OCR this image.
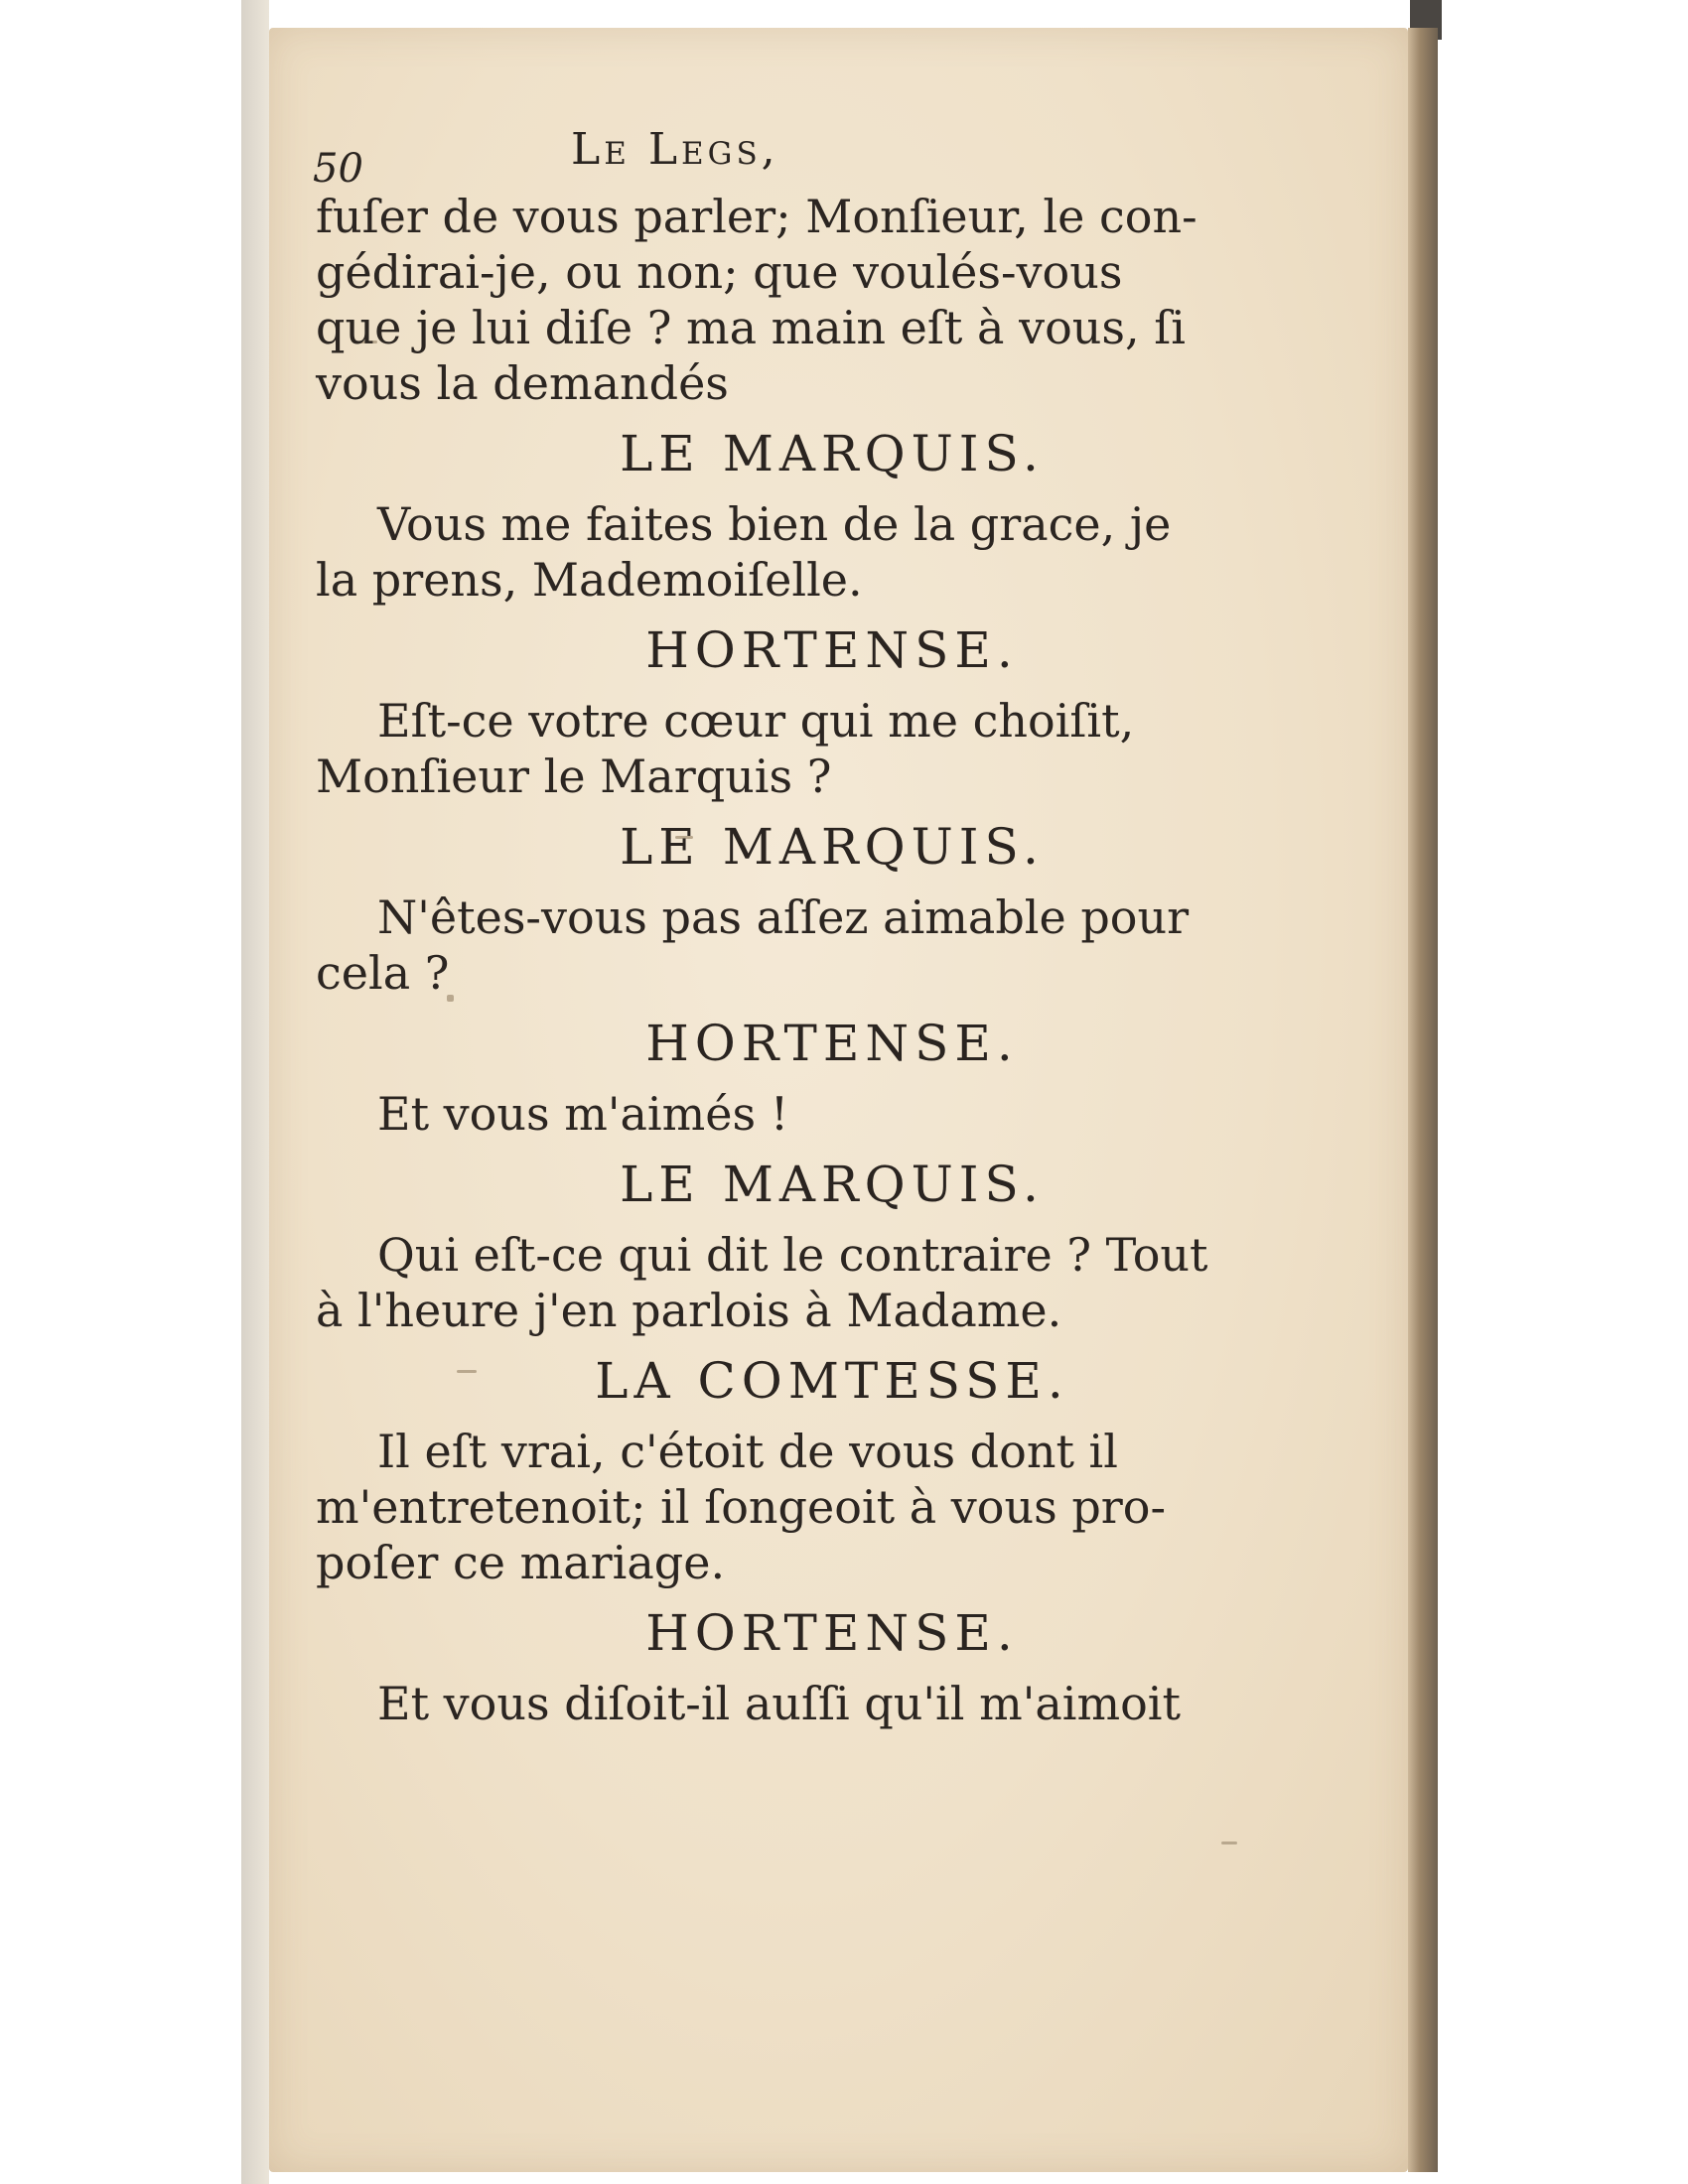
50	Le Legs,

fuſer de vous parler; Monſieur, le con-

gédirai-je, ou non; que voulés-vous

que je lui diſe ? ma main eſt à vous, ſi

vous la demandés

LE MARQUIS.

Vous me faites bien de la grace, je

la prens, Mademoiſelle.

HORTENSE.

Eſt-ce votre cœur qui me choiſit,

Monſieur le Marquis ?

LE MARQUIS.

N'êtes-vous pas aſſez aimable pour

cela ?

HORTENSE.

Et vous m'aimés !

LE MARQUIS.

Qui eſt-ce qui dit le contraire ? Tout

à l'heure j'en parlois à Madame.

LA COMTESSE.

Il eſt vrai, c'étoit de vous dont il

m'entretenoit; il ſongeoit à vous pro-

poſer ce mariage.

HORTENSE.

Et vous diſoit-il auſſi qu'il m'aimoit
